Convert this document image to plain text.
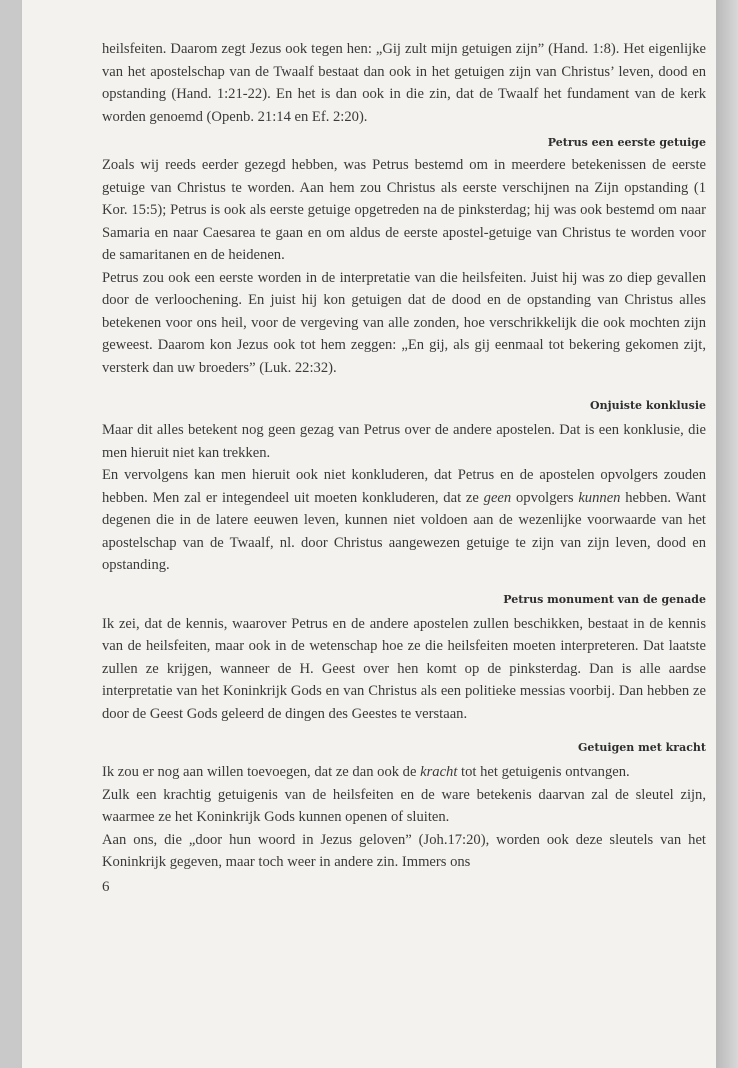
heilsfeiten. Daarom zegt Jezus ook tegen hen: „Gij zult mijn getuigen zijn” (Hand. 1:8). Het eigenlijke van het apostelschap van de Twaalf bestaat dan ook in het getuigen zijn van Christus’ leven, dood en opstanding (Hand. 1:21-22). En het is dan ook in die zin, dat de Twaalf het fundament van de kerk worden genoemd (Openb. 21:14 en Ef. 2:20).

Petrus een eerste getuige

Zoals wij reeds eerder gezegd hebben, was Petrus bestemd om in meerdere betekenissen de eerste getuige van Christus te worden. Aan hem zou Christus als eerste verschijnen na Zijn opstanding (1 Kor. 15:5); Petrus is ook als eerste getuige opgetreden na de pinksterdag; hij was ook bestemd om naar Samaria en naar Caesarea te gaan en om aldus de eerste apostel-getuige van Christus te worden voor de samaritanen en de heidenen.

Petrus zou ook een eerste worden in de interpretatie van die heilsfeiten. Juist hij was zo diep gevallen door de verloochening. En juist hij kon getuigen dat de dood en de opstanding van Christus alles betekenen voor ons heil, voor de vergeving van alle zonden, hoe verschrikkelijk die ook mochten zijn geweest. Daarom kon Jezus ook tot hem zeggen: „En gij, als gij eenmaal tot bekering gekomen zijt, versterk dan uw broeders” (Luk. 22:32).

Onjuiste konklusie

Maar dit alles betekent nog geen gezag van Petrus over de andere apostelen. Dat is een konklusie, die men hieruit niet kan trekken.

En vervolgens kan men hieruit ook niet konkluderen, dat Petrus en de apostelen opvolgers zouden hebben. Men zal er integendeel uit moeten konkluderen, dat ze geen opvolgers kunnen hebben. Want degenen die in de latere eeuwen leven, kunnen niet voldoen aan de wezenlijke voorwaarde van het apostelschap van de Twaalf, nl. door Christus aangewezen getuige te zijn van zijn leven, dood en opstanding.

Petrus monument van de genade

Ik zei, dat de kennis, waarover Petrus en de andere apostelen zullen beschikken, bestaat in de kennis van de heilsfeiten, maar ook in de wetenschap hoe ze die heilsfeiten moeten interpreteren. Dat laatste zullen ze krijgen, wanneer de H. Geest over hen komt op de pinksterdag. Dan is alle aardse interpretatie van het Koninkrijk Gods en van Christus als een politieke messias voorbij. Dan hebben ze door de Geest Gods geleerd de dingen des Geestes te verstaan.

Getuigen met kracht

Ik zou er nog aan willen toevoegen, dat ze dan ook de kracht tot het getuigenis ontvangen.

Zulk een krachtig getuigenis van de heilsfeiten en de ware betekenis daarvan zal de sleutel zijn, waarmee ze het Koninkrijk Gods kunnen openen of sluiten.

Aan ons, die „door hun woord in Jezus geloven” (Joh.17:20), worden ook deze sleutels van het Koninkrijk gegeven, maar toch weer in andere zin. Immers ons

6
